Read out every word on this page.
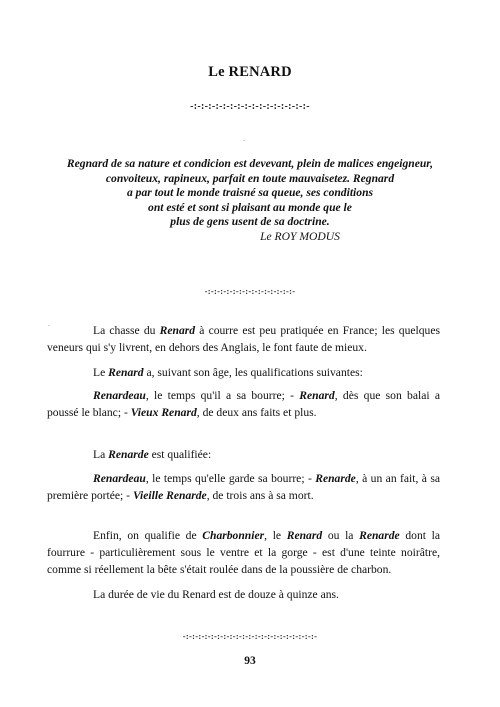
Le RENARD
-:-:-:-:-:-:-:-:-:-:-:-:-:-:-:-:-
`
Regnard de sa nature et condicion est devevant, plein de malices engeigneur,
convoiteux, rapineux, parfait en toute mauvaisetez. Regnard
a par tout le monde traisné sa queue, ses conditions
ont esté et sont si plaisant au monde que le
plus de gens usent de sa doctrine.
Le ROY MODUS
-:-:-:-:-:-:-:-:-:-:-:-:-:-:-
.	La chasse du Renard à courre est peu pratiquée en France; les quelques veneurs qui s'y livrent, en dehors des Anglais, le font faute de mieux.
Le Renard a, suivant son âge, les qualifications suivantes:
Renardeau, le temps qu'il a sa bourre; - Renard, dès que son balai a poussé le blanc; - Vieux Renard, de deux ans faits et plus.
La Renarde est qualifiée:
Renardeau, le temps qu'elle garde sa bourre; - Renarde, à un an fait, à sa première portée; - Vieille Renarde, de trois ans à sa mort.
Enfin, on qualifie de Charbonnier, le Renard ou la Renarde dont la fourrure - particulièrement sous le ventre et la gorge - est d'une teinte noirâtre, comme si réellement la bête s'était roulée dans de la poussière de charbon.
La durée de vie du Renard est de douze à quinze ans.
-:-:-:-:-:-:-:-:-:-:-:-:-:-:-:-:-:-:-:-:-:-
93
